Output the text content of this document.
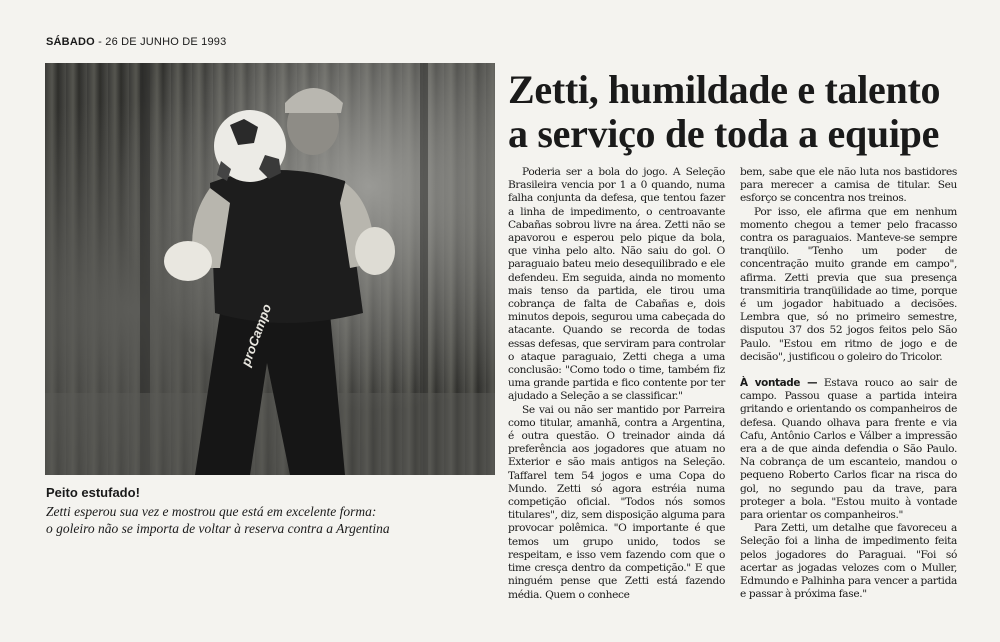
SÁBADO - 26 DE JUNHO DE 1993
proCampo
Peito estufado!
Zetti esperou sua vez e mostrou que está em excelente forma:
o goleiro não se importa de voltar à reserva contra a Argentina
Zetti, humildade e talento
a serviço de toda a equipe

Poderia ser a bola do jogo. A Seleção Brasileira vencia por 1 a 0 quando, numa falha conjunta da defesa, que tentou fazer a linha de impedimento, o centroavante Cabañas sobrou livre na área. Zetti não se apavorou e esperou pelo pique da bola, que vinha pelo alto. Não saiu do gol. O paraguaio bateu meio desequilibrado e ele defendeu. Em seguida, ainda no momento mais tenso da partida, ele tirou uma cobrança de falta de Cabañas e, dois minutos depois, segurou uma cabeçada do atacante. Quando se recorda de todas essas defesas, que serviram para controlar o ataque paraguaio, Zetti chega a uma conclusão: "Como todo o time, também fiz uma grande partida e fico contente por ter ajudado a Seleção a se classificar."

Se vai ou não ser mantido por Parreira como titular, amanhã, contra a Argentina, é outra questão. O treinador ainda dá preferência aos jogadores que atuam no Exterior e são mais antigos na Seleção. Taffarel tem 54 jogos e uma Copa do Mundo. Zetti só agora estréia numa competição oficial. "Todos nós somos titulares", diz, sem disposição alguma para provocar polêmica. "O importante é que temos um grupo unido, todos se respeitam, e isso vem fazendo com que o time cresça dentro da competição." E que ninguém pense que Zetti está fazendo média. Quem o conhece

bem, sabe que ele não luta nos bastidores para merecer a camisa de titular. Seu esforço se concentra nos treinos.

Por isso, ele afirma que em nenhum momento chegou a temer pelo fracasso contra os paraguaios. Manteve-se sempre tranqüilo. "Tenho um poder de concentração muito grande em campo", afirma. Zetti previa que sua presença transmitiria tranqüilidade ao time, porque é um jogador habituado a decisões. Lembra que, só no primeiro semestre, disputou 37 dos 52 jogos feitos pelo São Paulo. "Estou em ritmo de jogo e de decisão", justificou o goleiro do Tricolor.

À vontade — Estava rouco ao sair de campo. Passou quase a partida inteira gritando e orientando os companheiros de defesa. Quando olhava para frente e via Cafu, Antônio Carlos e Válber a impressão era a de que ainda defendia o São Paulo. Na cobrança de um escanteio, mandou o pequeno Roberto Carlos ficar na risca do gol, no segundo pau da trave, para proteger a bola. "Estou muito à vontade para orientar os companheiros."

Para Zetti, um detalhe que favoreceu a Seleção foi a linha de impedimento feita pelos jogadores do Paraguai. "Foi só acertar as jogadas velozes com o Muller, Edmundo e Palhinha para vencer a partida e passar à próxima fase."
